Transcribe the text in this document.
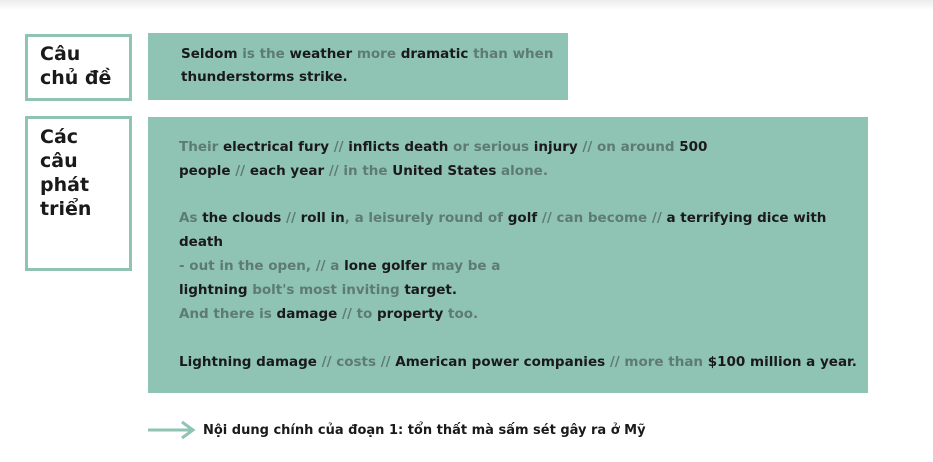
Câu
chủ đề
Seldom is the weather more dramatic than when
thunderstorms strike.
Các
câu
phát
triển
Their electrical fury // inflicts death or serious injury // on around 500
people // each year // in the United States alone.
As the clouds // roll in, a leisurely round of golf // can become // a terrifying dice with death
- out in the open, // a lone golfer may be a
lightning bolt's most inviting target.
And there is damage // to property too.
Lightning damage // costs // American power companies // more than $100 million a year.
Nội dung chính của đoạn 1: tổn thất mà sấm sét gây ra ở Mỹ
